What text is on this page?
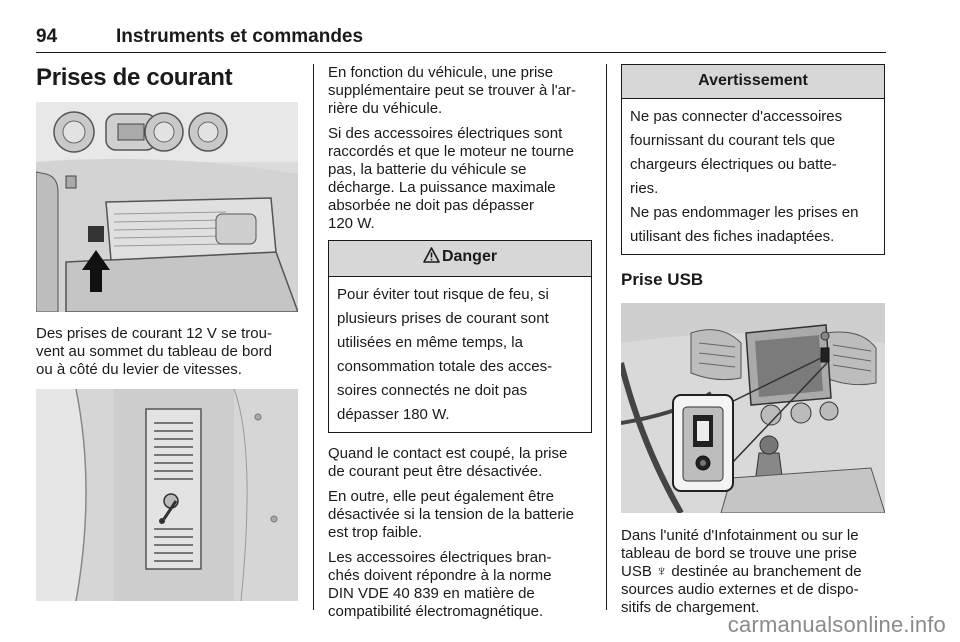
94	Instruments et commandes
Prises de courant

Des prises de courant 12 V se trou-

vent au sommet du tableau de bord

ou à côté du levier de vitesses.

En fonction du véhicule, une prise

supplémentaire peut se trouver à l'ar-

rière du véhicule.

Si des accessoires électriques sont

raccordés et que le moteur ne tourne

pas, la batterie du véhicule se

décharge. La puissance maximale

absorbée ne doit pas dépasser

120 W.

Danger

Pour éviter tout risque de feu, si

plusieurs prises de courant sont

utilisées en même temps, la

consommation totale des acces-

soires connectés ne doit pas

dépasser 180 W.

Quand le contact est coupé, la prise

de courant peut être désactivée.

En outre, elle peut également être

désactivée si la tension de la batterie

est trop faible.

Les accessoires électriques bran-

chés doivent répondre à la norme

DIN VDE 40 839 en matière de

compatibilité électromagnétique.

Avertissement

Ne pas connecter d'accessoires

fournissant du courant tels que

chargeurs électriques ou batte-

ries.

Ne pas endommager les prises en

utilisant des fiches inadaptées.

Prise USB

Dans l'unité d'Infotainment ou sur le

tableau de bord se trouve une prise

USB ♆ destinée au branchement de

sources audio externes et de dispo-

sitifs de chargement.

carmanualsonline.info
